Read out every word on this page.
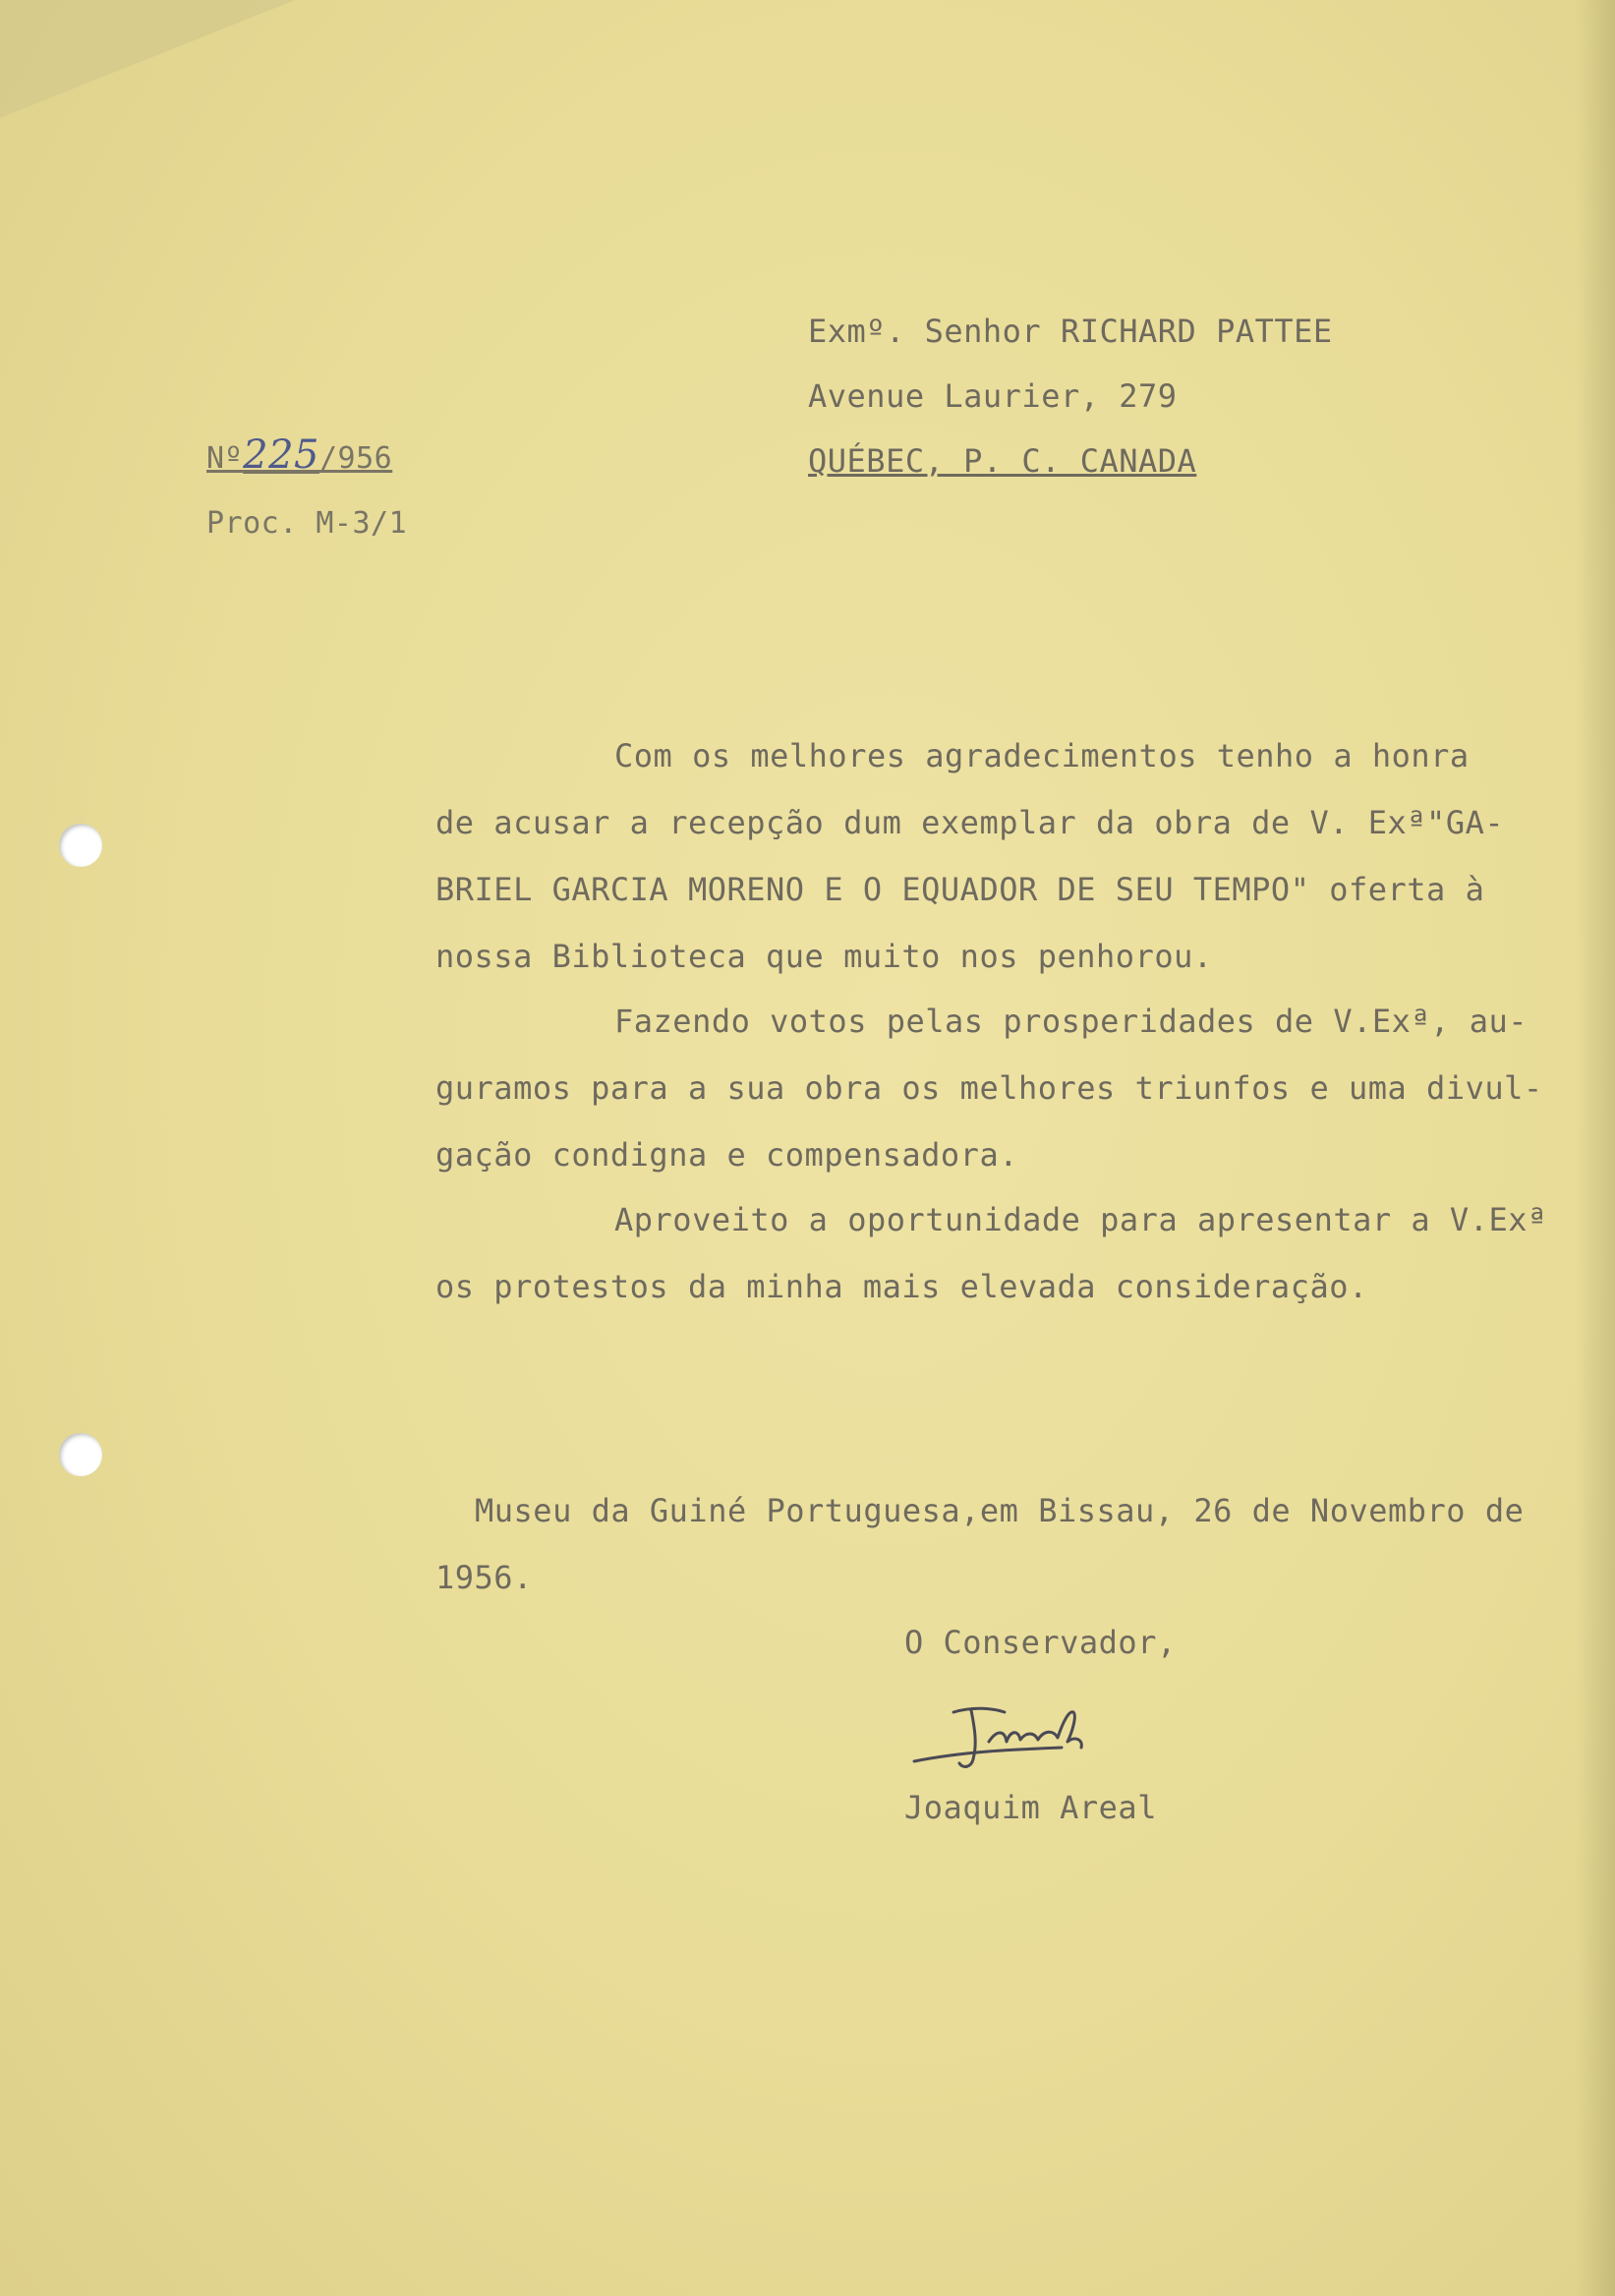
Nº225/956
Proc. M-3/1
Exmº. Senhor RICHARD PATTEE
Avenue Laurier, 279
QUÉBEC, P. C. CANADA
Com os melhores agradecimentos tenho a honra
de acusar a recepção dum exemplar da obra de V. Exª"GA-
BRIEL GARCIA MORENO E O EQUADOR DE SEU TEMPO" oferta à
nossa Biblioteca que muito nos penhorou.
Fazendo votos pelas prosperidades de V.Exª, au-
guramos para a sua obra os melhores triunfos e uma divul-
gação condigna e compensadora.
Aproveito a oportunidade para apresentar a V.Exª
os protestos da minha mais elevada consideração.
Museu da Guiné Portuguesa,em Bissau, 26 de Novembro de
1956.
O Conservador,
Joaquim Areal
